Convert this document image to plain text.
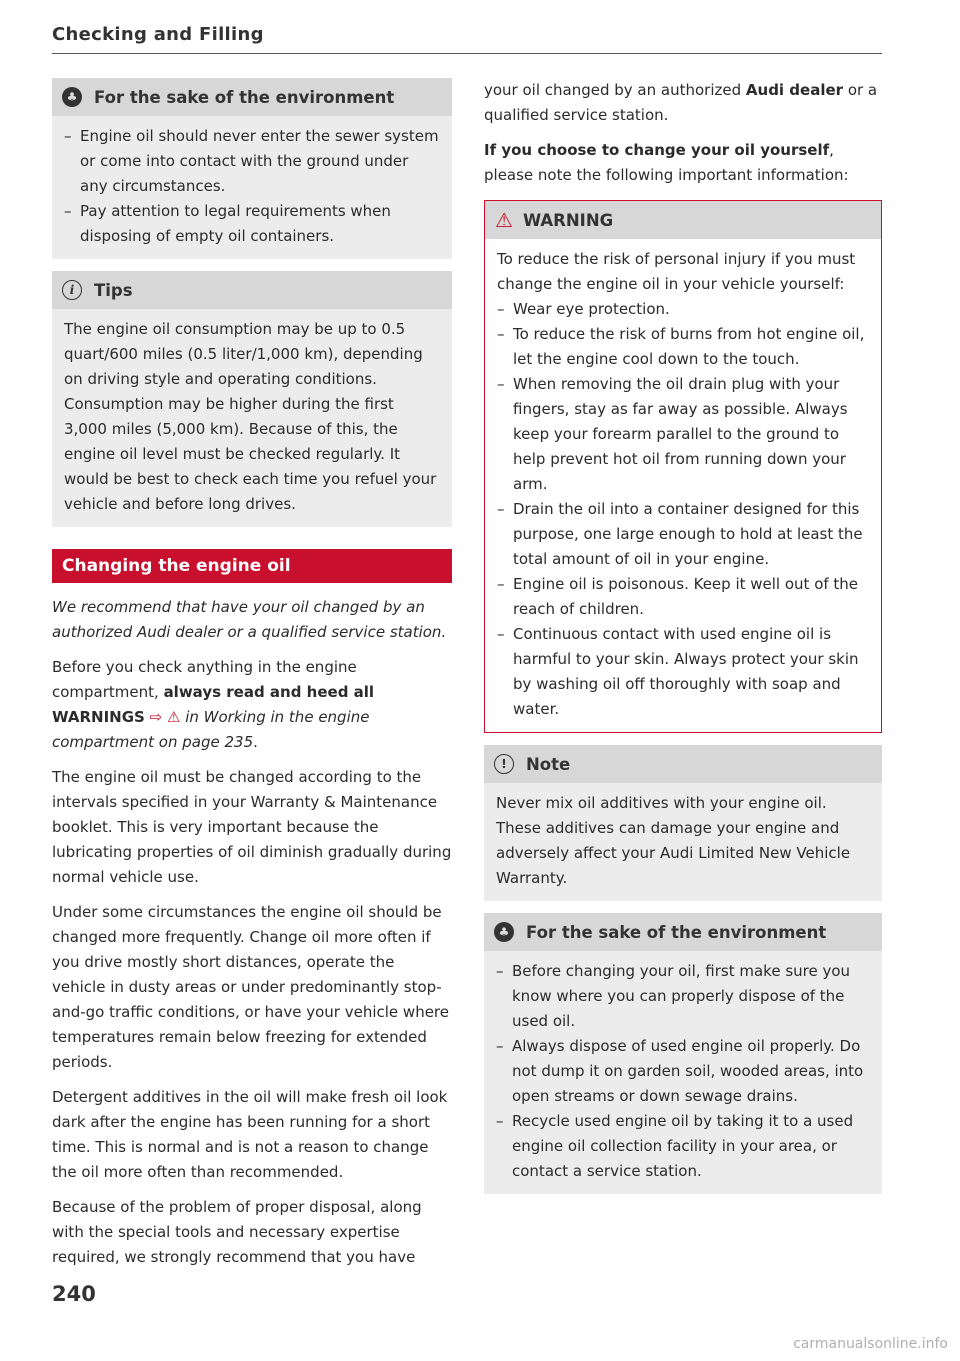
Checking and Filling
♣ For the sake of the environment
– Engine oil should never enter the sewer system or come into contact with the ground under any circumstances.
– Pay attention to legal requirements when disposing of empty oil containers.
i	Tips

The engine oil consumption may be up to 0.5 quart/600 miles (0.5 liter/1,000 km), depending on driving style and operating conditions. Consumption may be higher during the first 3,000 miles (5,000 km). Because of this, the engine oil level must be checked regularly. It would be best to check each time you refuel your vehicle and before long drives.

Changing the engine oil

We recommend that have your oil changed by an authorized Audi dealer or a qualified service station.

Before you check anything in the engine compartment, always read and heed all WARNINGS ⇨ ⚠ in Working in the engine compartment on page 235.

The engine oil must be changed according to the intervals specified in your Warranty & Maintenance booklet. This is very important because the lubricating properties of oil diminish gradually during normal vehicle use.

Under some circumstances the engine oil should be changed more frequently. Change oil more often if you drive mostly short distances, operate the vehicle in dusty areas or under predominantly stop-and-go traffic conditions, or have your vehicle where temperatures remain below freezing for extended periods.

Detergent additives in the oil will make fresh oil look dark after the engine has been running for a short time. This is normal and is not a reason to change the oil more often than recommended.

Because of the problem of proper disposal, along with the special tools and necessary expertise required, we strongly recommend that you have

your oil changed by an authorized Audi dealer or a qualified service station.

If you choose to change your oil yourself, please note the following important information:

⚠ WARNING

To reduce the risk of personal injury if you must change the engine oil in your vehicle yourself:

– Wear eye protection.
– To reduce the risk of burns from hot engine oil, let the engine cool down to the touch.
– When removing the oil drain plug with your fingers, stay as far away as possible. Always keep your forearm parallel to the ground to help prevent hot oil from running down your arm.
– Drain the oil into a container designed for this purpose, one large enough to hold at least the total amount of oil in your engine.
– Engine oil is poisonous. Keep it well out of the reach of children.
– Continuous contact with used engine oil is harmful to your skin. Always protect your skin by washing oil off thoroughly with soap and water.
!	Note

Never mix oil additives with your engine oil. These additives can damage your engine and adversely affect your Audi Limited New Vehicle Warranty.

♣ For the sake of the environment
– Before changing your oil, first make sure you know where you can properly dispose of the used oil.
– Always dispose of used engine oil properly. Do not dump it on garden soil, wooded areas, into open streams or down sewage drains.
– Recycle used engine oil by taking it to a used engine oil collection facility in your area, or contact a service station.
240
carmanualsonline.info
